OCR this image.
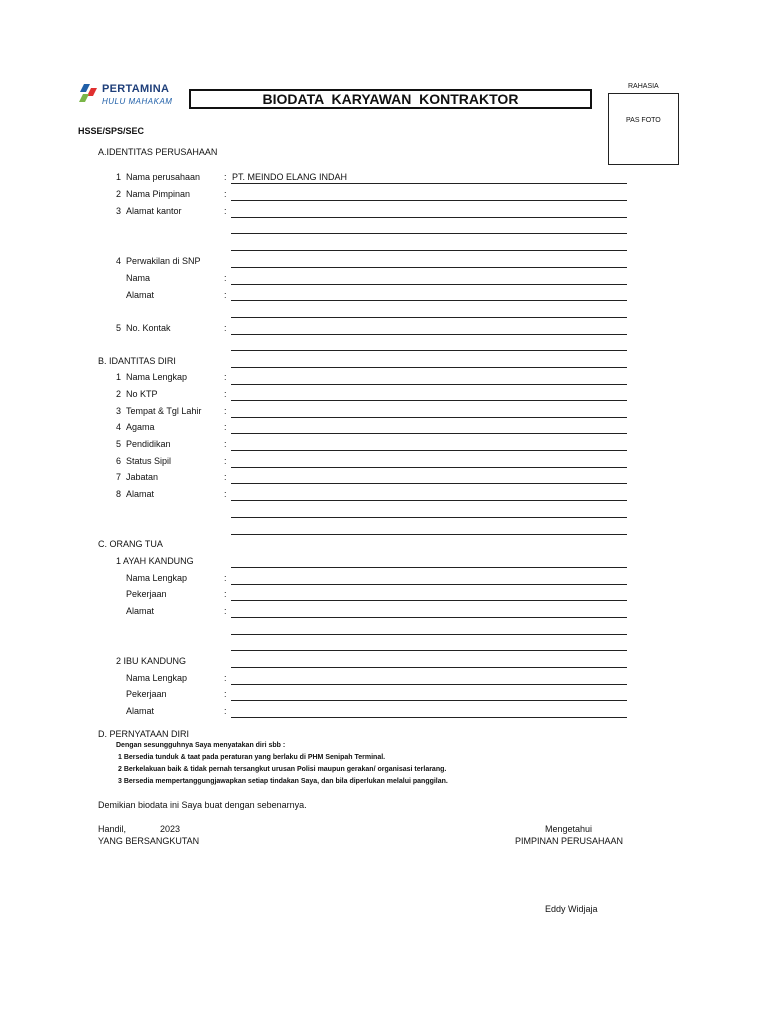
PERTAMINA
HULU MAHAKAM	BIODATA  KARYAWAN  KONTRAKTOR
RAHASIA
PAS FOTO
HSSE/SPS/SEC
A.IDENTITAS PERUSAHAAN
1 Nama perusahaan	: PT. MEINDO ELANG INDAH
2 Nama Pimpinan	:
3 Alamat kantor	:
4 Perwakilan di SNP
Nama	:
Alamat	:
5 No. Kontak	:
B. IDANTITAS DIRI
1 Nama Lengkap	:
2 No KTP	:
3 Tempat & Tgl Lahir	:
4 Agama	:
5 Pendidikan	:
6 Status Sipil	:
7 Jabatan	:
8 Alamat	:
C. ORANG TUA
1 AYAH KANDUNG
Nama Lengkap	:
Pekerjaan	:
Alamat	:
2 IBU KANDUNG
Nama Lengkap	:
Pekerjaan	:
Alamat	:
D. PERNYATAAN DIRI
Dengan sesungguhnya Saya menyatakan diri sbb :
1 Bersedia tunduk & taat pada peraturan yang berlaku di PHM Senipah Terminal.
2 Berkelakuan baik & tidak pernah tersangkut urusan Polisi maupun gerakan/ organisasi terlarang.
3 Bersedia mempertanggungjawapkan setiap tindakan Saya, dan bila diperlukan melalui panggilan.
Demikian biodata ini Saya buat dengan sebenarnya.
Handil,	2023
YANG BERSANGKUTAN
Mengetahui
PIMPINAN PERUSAHAAN
Eddy Widjaja
